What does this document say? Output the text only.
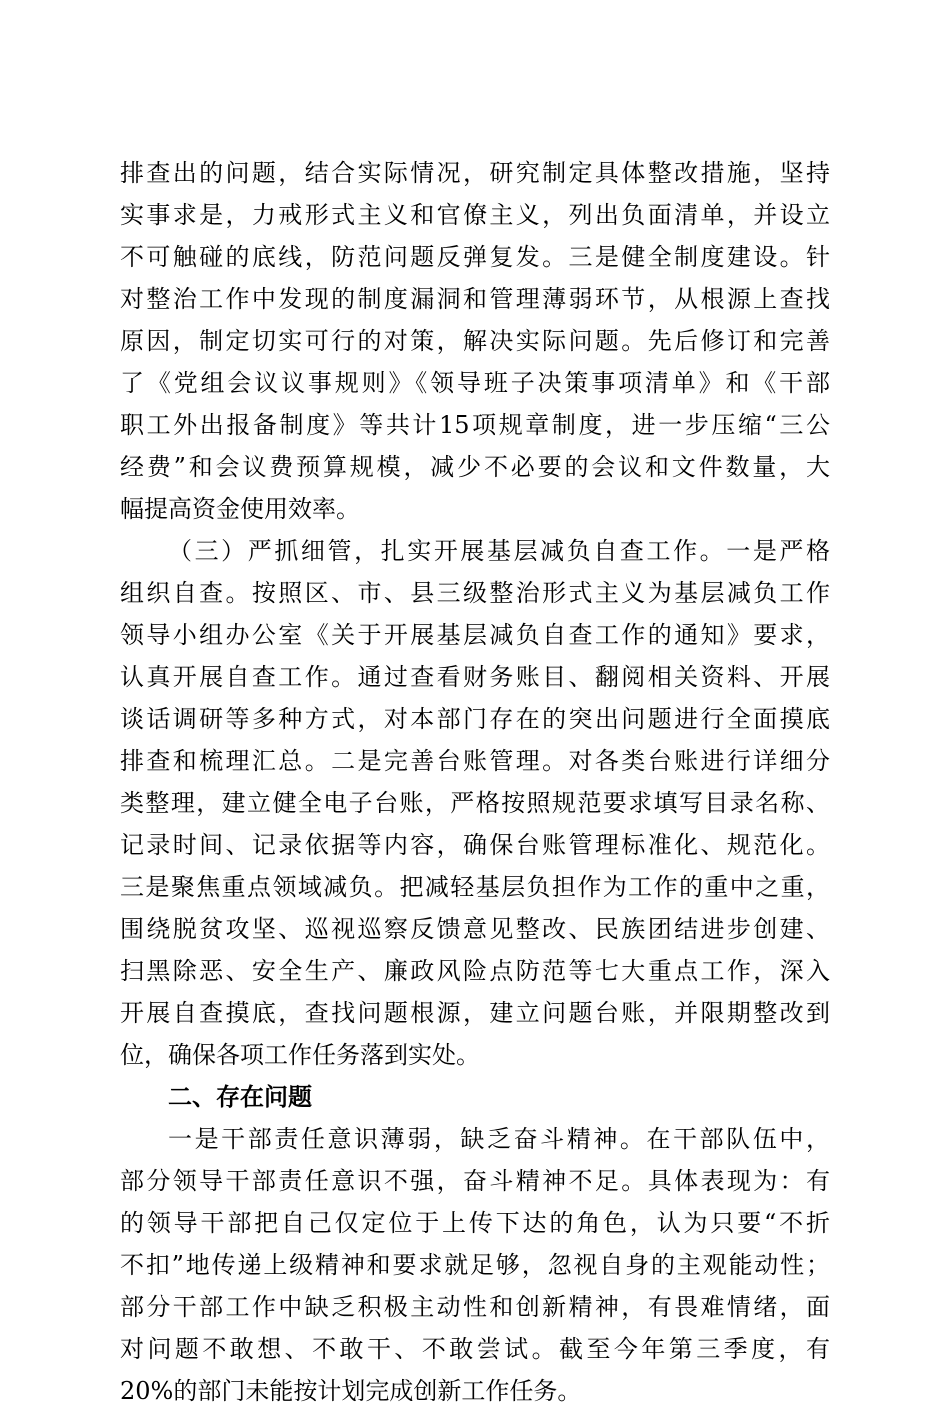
排查出的问题，结合实际情况，研究制定具体整改措施，坚持
实事求是，力戒形式主义和官僚主义，列出负面清单，并设立
不可触碰的底线，防范问题反弹复发。三是健全制度建设。针
对整治工作中发现的制度漏洞和管理薄弱环节，从根源上查找
原因，制定切实可行的对策，解决实际问题。先后修订和完善
了《党组会议议事规则》《领导班子决策事项清单》和《干部
职工外出报备制度》等共计15项规章制度，进一步压缩“三公
经费”和会议费预算规模，减少不必要的会议和文件数量，大
幅提高资金使用效率。
（三）严抓细管，扎实开展基层减负自查工作。一是严格
组织自查。按照区、市、县三级整治形式主义为基层减负工作
领导小组办公室《关于开展基层减负自查工作的通知》要求，
认真开展自查工作。通过查看财务账目、翻阅相关资料、开展
谈话调研等多种方式，对本部门存在的突出问题进行全面摸底
排查和梳理汇总。二是完善台账管理。对各类台账进行详细分
类整理，建立健全电子台账，严格按照规范要求填写目录名称、
记录时间、记录依据等内容，确保台账管理标准化、规范化。
三是聚焦重点领域减负。把减轻基层负担作为工作的重中之重，
围绕脱贫攻坚、巡视巡察反馈意见整改、民族团结进步创建、
扫黑除恶、安全生产、廉政风险点防范等七大重点工作，深入
开展自查摸底，查找问题根源，建立问题台账，并限期整改到
位，确保各项工作任务落到实处。
二、存在问题
一是干部责任意识薄弱，缺乏奋斗精神。在干部队伍中，
部分领导干部责任意识不强，奋斗精神不足。具体表现为：有
的领导干部把自己仅定位于上传下达的角色，认为只要“不折
不扣”地传递上级精神和要求就足够，忽视自身的主观能动性；
部分干部工作中缺乏积极主动性和创新精神，有畏难情绪，面
对问题不敢想、不敢干、不敢尝试。截至今年第三季度，有
20%的部门未能按计划完成创新工作任务。
